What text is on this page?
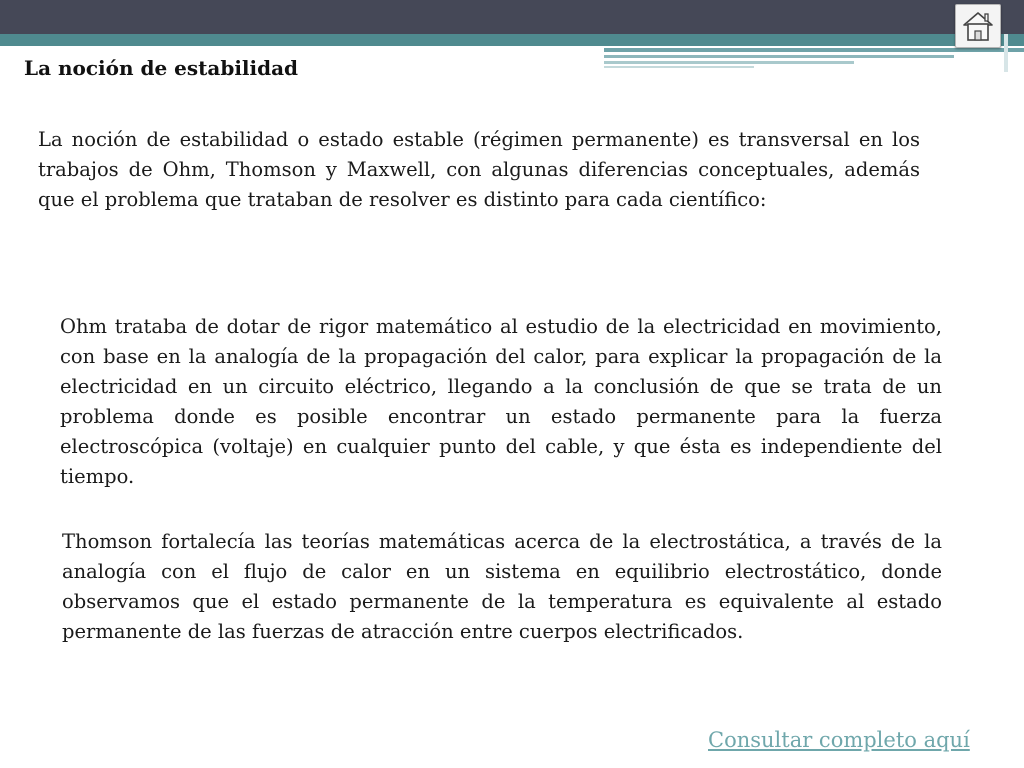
La noción de estabilidad

La noción de estabilidad o estado estable (régimen permanente) es transversal en los trabajos de Ohm, Thomson y Maxwell, con algunas diferencias conceptuales, además que el problema que trataban de resolver es distinto para cada científico:

Ohm trataba de dotar de rigor matemático al estudio de la electricidad en movimiento, con base en la analogía de la propagación del calor, para explicar la propagación de la electricidad en un circuito eléctrico, llegando a la conclusión de que se trata de un problema donde es posible encontrar un estado permanente para la fuerza electroscópica (voltaje) en cualquier punto del cable, y que ésta es independiente del tiempo.

Thomson fortalecía las teorías matemáticas acerca de la electrostática, a través de la analogía con el flujo de calor en un sistema en equilibrio electrostático, donde observamos que el estado permanente de la temperatura es equivalente al estado permanente de las fuerzas de atracción entre cuerpos electrificados.

Consultar completo aquí
